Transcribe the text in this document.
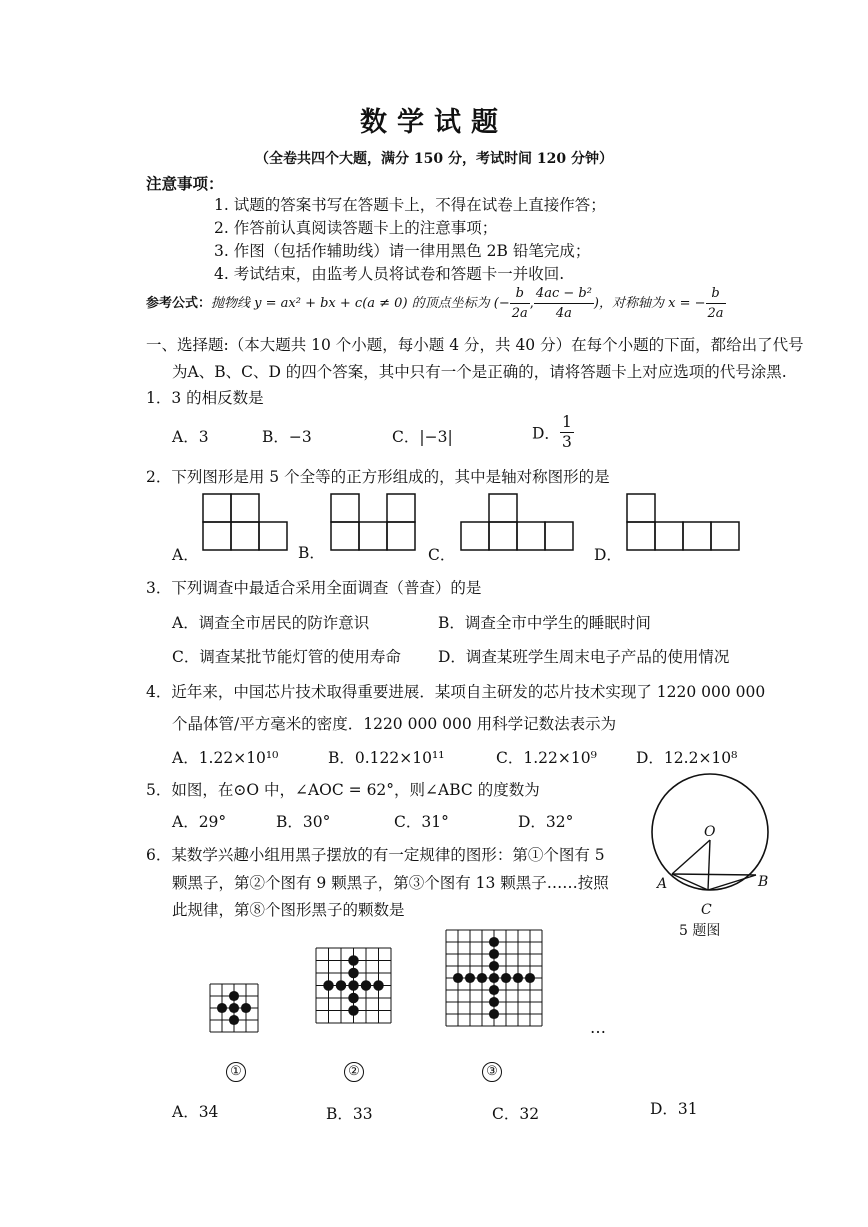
数学试题
（全卷共四个大题，满分 150 分，考试时间 120 分钟）
注意事项：
1. 试题的答案书写在答题卡上，不得在试卷上直接作答；
2. 作答前认真阅读答题卡上的注意事项；
3. 作图（包括作辅助线）请一律用黑色 2B 铅笔完成；
4. 考试结束，由监考人员将试卷和答题卡一并收回.
参考公式：抛物线 y = ax² + bx + c(a ≠ 0) 的顶点坐标为 (− $\frac{b}{2a}$ , $\frac{\text{4ac − b²}}{4a}$ )，对称轴为 x = − $\frac{b}{2a}$
一、选择题:（本大题共 10 个小题，每小题 4 分，共 40 分）在每个小题的下面，都给出了代号
为A、B、C、D 的四个答案，其中只有一个是正确的，请将答题卡上对应选项的代号涂黑.
1．3 的相反数是
A．3	B．−3	C．|−3|	D． $\frac{1}{3}$
2．下列图形是用 5 个全等的正方形组成的，其中是轴对称图形的是
A．	B．	C．	D．
3．下列调查中最适合采用全面调查（普查）的是
A．调查全市居民的防诈意识	B．调查全市中学生的睡眠时间
C．调查某批节能灯管的使用寿命 D．调查某班学生周末电子产品的使用情况
4．近年来，中国芯片技术取得重要进展．某项自主研发的芯片技术实现了 1220 000 000
个晶体管/平方毫米的密度．1220 000 000 用科学记数法表示为
A．1.22×10¹⁰	B．0.122×10¹¹	C．1.22×10⁹	D．12.2×10⁸
5．如图，在⊙O 中，∠AOC = 62°，则∠ABC 的度数为
A．29°	B．30°	C．31°	D．32°
O
A	B
C
5 题图
6．某数学兴趣小组用黑子摆放的有一定规律的图形：第①个图有 5
颗黑子，第②个图有 9 颗黑子，第③个图有 13 颗黑子……按照
此规律，第⑧个图形黑子的颗数是
①	②	③
…
A．34	B．33	C．32	D．31
